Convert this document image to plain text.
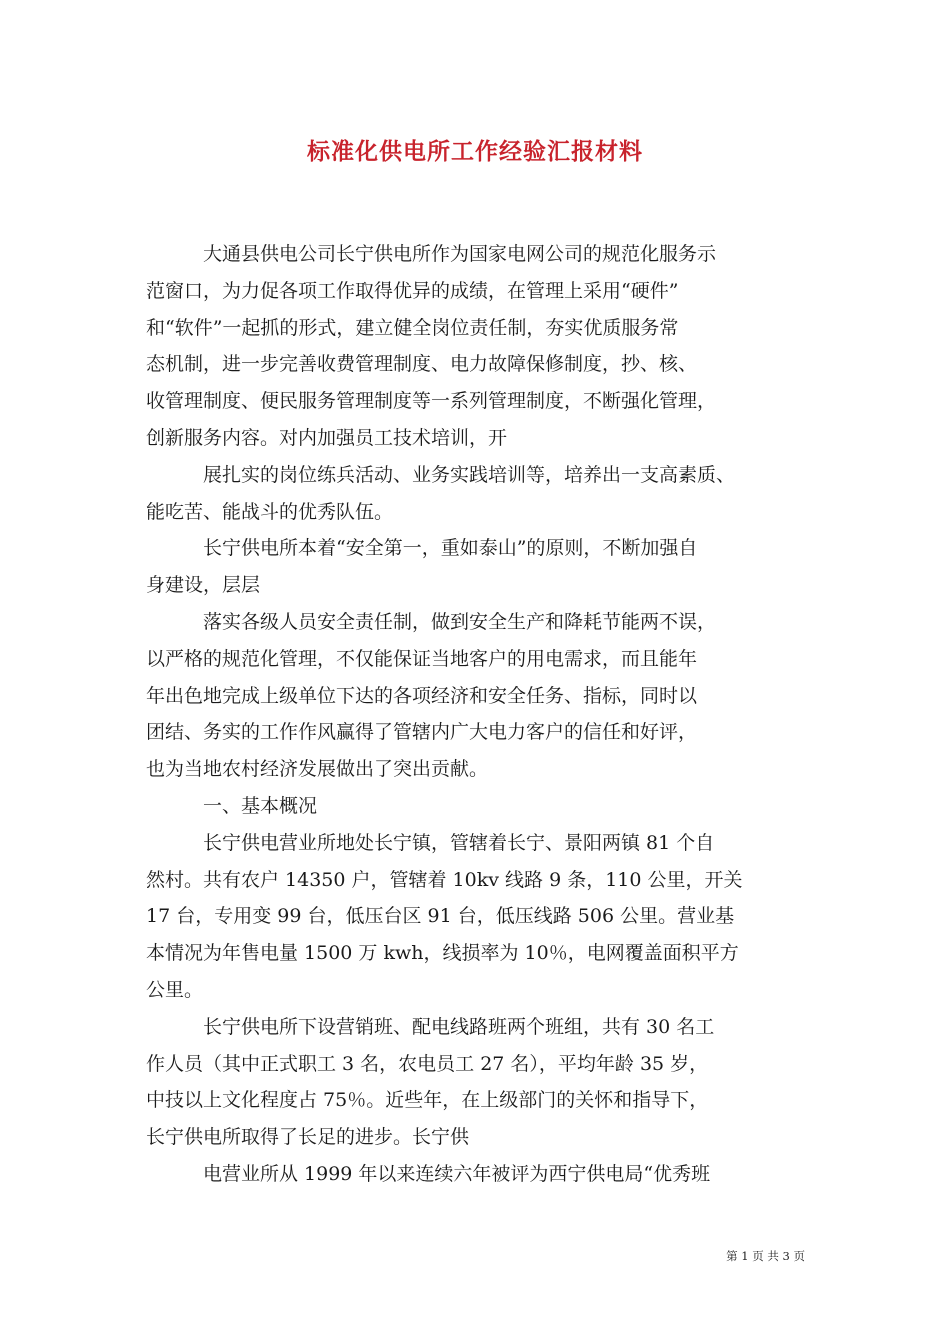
标准化供电所工作经验汇报材料
大通县供电公司长宁供电所作为国家电网公司的规范化服务示
范窗口，为力促各项工作取得优异的成绩，在管理上采用“硬件”
和“软件”一起抓的形式，建立健全岗位责任制，夯实优质服务常
态机制，进一步完善收费管理制度、电力故障保修制度，抄、核、
收管理制度、便民服务管理制度等一系列管理制度，不断强化管理，
创新服务内容。对内加强员工技术培训，开
展扎实的岗位练兵活动、业务实践培训等，培养出一支高素质、
能吃苦、能战斗的优秀队伍。
长宁供电所本着“安全第一，重如泰山”的原则，不断加强自
身建设，层层
落实各级人员安全责任制，做到安全生产和降耗节能两不误，
以严格的规范化管理，不仅能保证当地客户的用电需求，而且能年
年出色地完成上级单位下达的各项经济和安全任务、指标，同时以
团结、务实的工作作风赢得了管辖内广大电力客户的信任和好评，
也为当地农村经济发展做出了突出贡献。
一、基本概况
长宁供电营业所地处长宁镇，管辖着长宁、景阳两镇 81 个自
然村。共有农户 14350 户，管辖着 10kv 线路 9 条，110 公里，开关
17 台，专用变 99 台，低压台区 91 台，低压线路 506 公里。营业基
本情况为年售电量 1500 万 kwh，线损率为 10％，电网覆盖面积平方
公里。
长宁供电所下设营销班、配电线路班两个班组，共有 30 名工
作人员（其中正式职工 3 名，农电员工 27 名），平均年龄 35 岁，
中技以上文化程度占 75％。近些年，在上级部门的关怀和指导下，
长宁供电所取得了长足的进步。长宁供
电营业所从 1999 年以来连续六年被评为西宁供电局“优秀班
第 1 页 共 3 页
